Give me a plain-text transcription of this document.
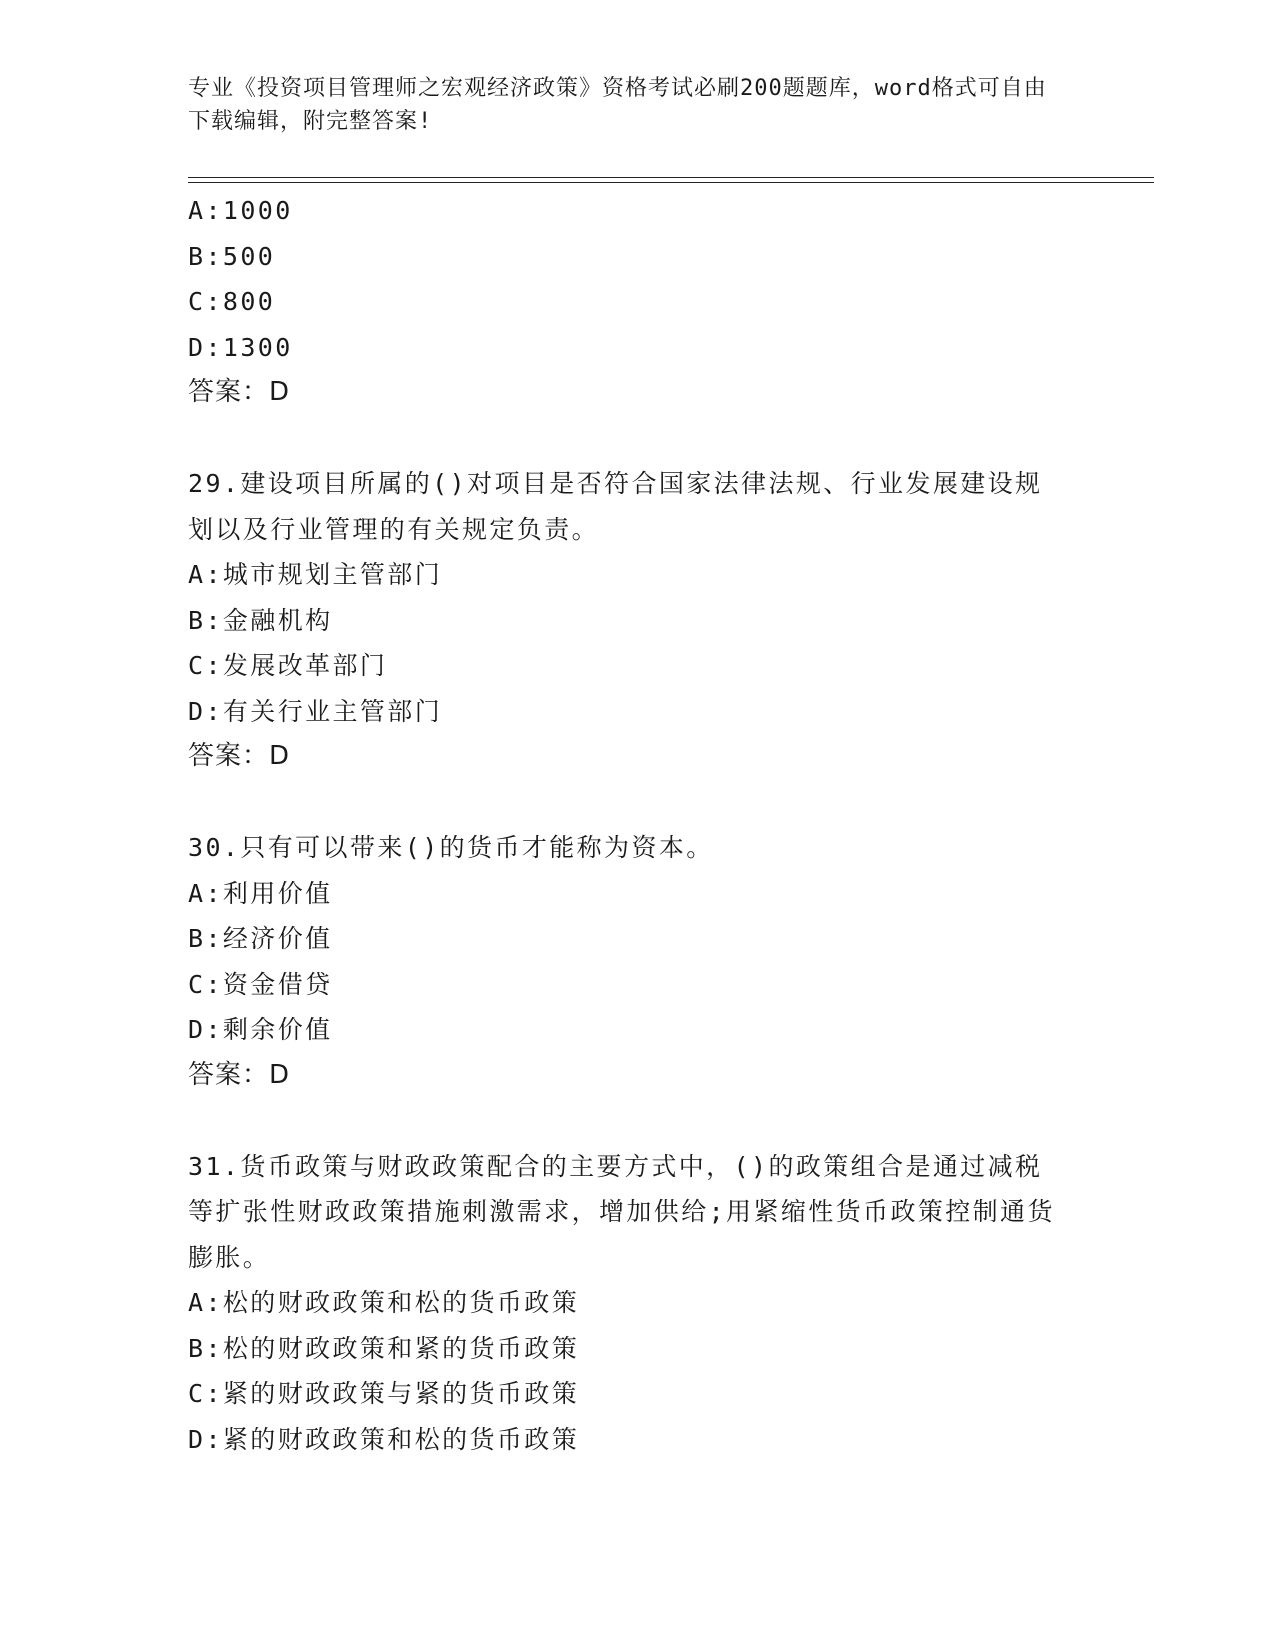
专业《投资项目管理师之宏观经济政策》资格考试必刷200题题库，word格式可自由下载编辑，附完整答案!

A:1000

B:500

C:800

D:1300

答案：D

29.建设项目所属的()对项目是否符合国家法律法规、行业发展建设规划以及行业管理的有关规定负责。

A:城市规划主管部门

B:金融机构

C:发展改革部门

D:有关行业主管部门

答案：D

30.只有可以带来()的货币才能称为资本。

A:利用价值

B:经济价值

C:资金借贷

D:剩余价值

答案：D

31.货币政策与财政政策配合的主要方式中，()的政策组合是通过减税等扩张性财政政策措施刺激需求，增加供给;用紧缩性货币政策控制通货膨胀。

A:松的财政政策和松的货币政策

B:松的财政政策和紧的货币政策

C:紧的财政政策与紧的货币政策

D:紧的财政政策和松的货币政策
